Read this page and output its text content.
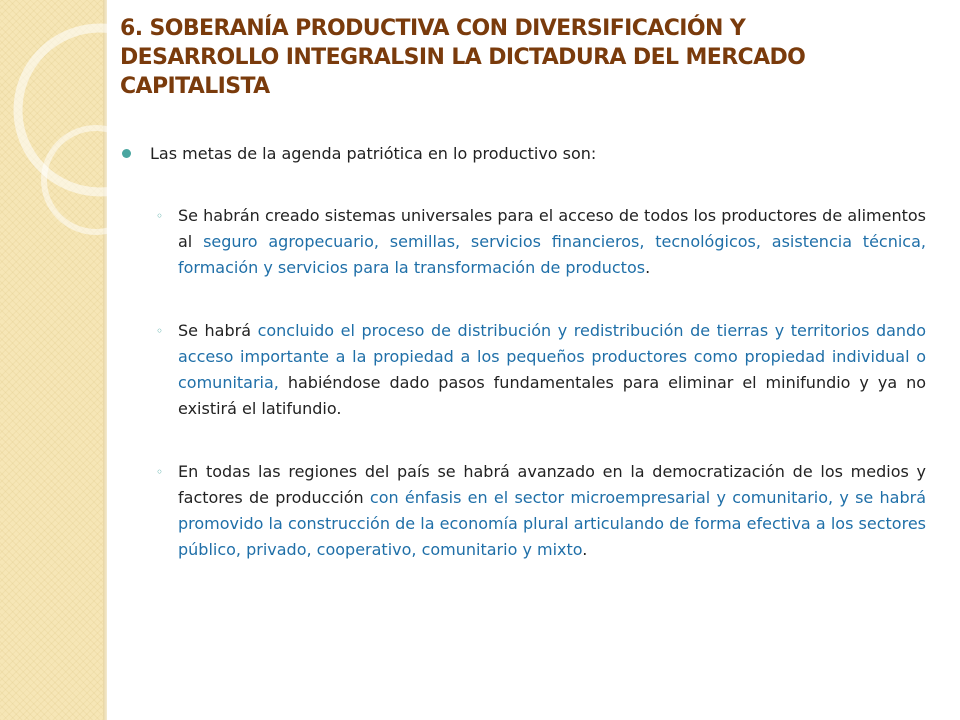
6. SOBERANÍA PRODUCTIVA CON DIVERSIFICACIÓN Y DESARROLLO INTEGRALSIN LA DICTADURA DEL MERCADO CAPITALISTA
Las metas de la agenda patriótica en lo productivo son:
◦ Se habrán creado sistemas universales para el acceso de todos los productores de alimentos al seguro agropecuario, semillas, servicios financieros, tecnológicos, asistencia técnica, formación y servicios para la transformación de productos.
◦ Se habrá concluido el proceso de distribución y redistribución de tierras y territorios dando acceso importante a la propiedad a los pequeños productores como propiedad individual o comunitaria, habiéndose dado pasos fundamentales para eliminar el minifundio y ya no existirá el latifundio.
◦ En todas las regiones del país se habrá avanzado en la democratización de los medios y factores de producción con énfasis en el sector microempresarial y comunitario, y se habrá promovido la construcción de la economía plural articulando de forma efectiva a los sectores público, privado, cooperativo, comunitario y mixto.
